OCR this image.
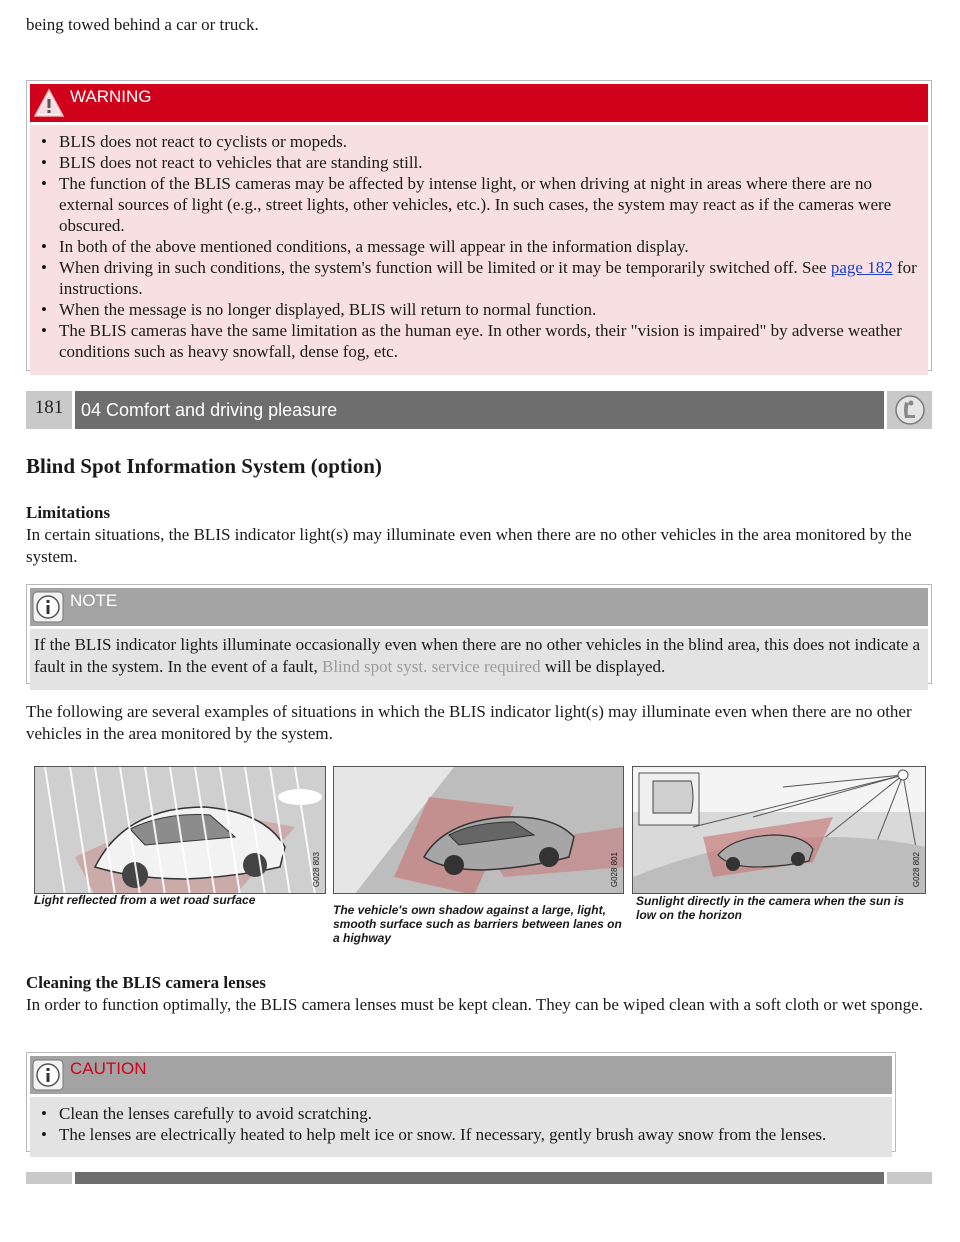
being towed behind a car or truck.

WARNING
• BLIS does not react to cyclists or mopeds.
• BLIS does not react to vehicles that are standing still.
• The function of the BLIS cameras may be affected by intense light, or when driving at night in areas where there are no external sources of light (e.g., street lights, other vehicles, etc.). In such cases, the system may react as if the cameras were obscured.
• In both of the above mentioned conditions, a message will appear in the information display.
• When driving in such conditions, the system's function will be limited or it may be temporarily switched off. See page 182 for instructions.
• When the message is no longer displayed, BLIS will return to normal function.
• The BLIS cameras have the same limitation as the human eye. In other words, their "vision is impaired" by adverse weather conditions such as heavy snowfall, dense fog, etc.
181 04 Comfort and driving pleasure

Blind Spot Information System (option)

Limitations

In certain situations, the BLIS indicator light(s) may illuminate even when there are no other vehicles in the area monitored by the system.

NOTE

If the BLIS indicator lights illuminate occasionally even when there are no other vehicles in the blind area, this does not indicate a fault in the system. In the event of a fault, Blind spot syst. service required will be displayed.

The following are several examples of situations in which the BLIS indicator light(s) may illuminate even when there are no other vehicles in the area monitored by the system.

G028 803
Light reflected from a wet road surface
G028 801
The vehicle's own shadow against a large, light, smooth surface such as barriers between lanes on a highway
G028 802
Sunlight directly in the camera when the sun is low on the horizon

Cleaning the BLIS camera lenses

In order to function optimally, the BLIS camera lenses must be kept clean. They can be wiped clean with a soft cloth or wet sponge.

CAUTION
• Clean the lenses carefully to avoid scratching.
• The lenses are electrically heated to help melt ice or snow. If necessary, gently brush away snow from the lenses.
